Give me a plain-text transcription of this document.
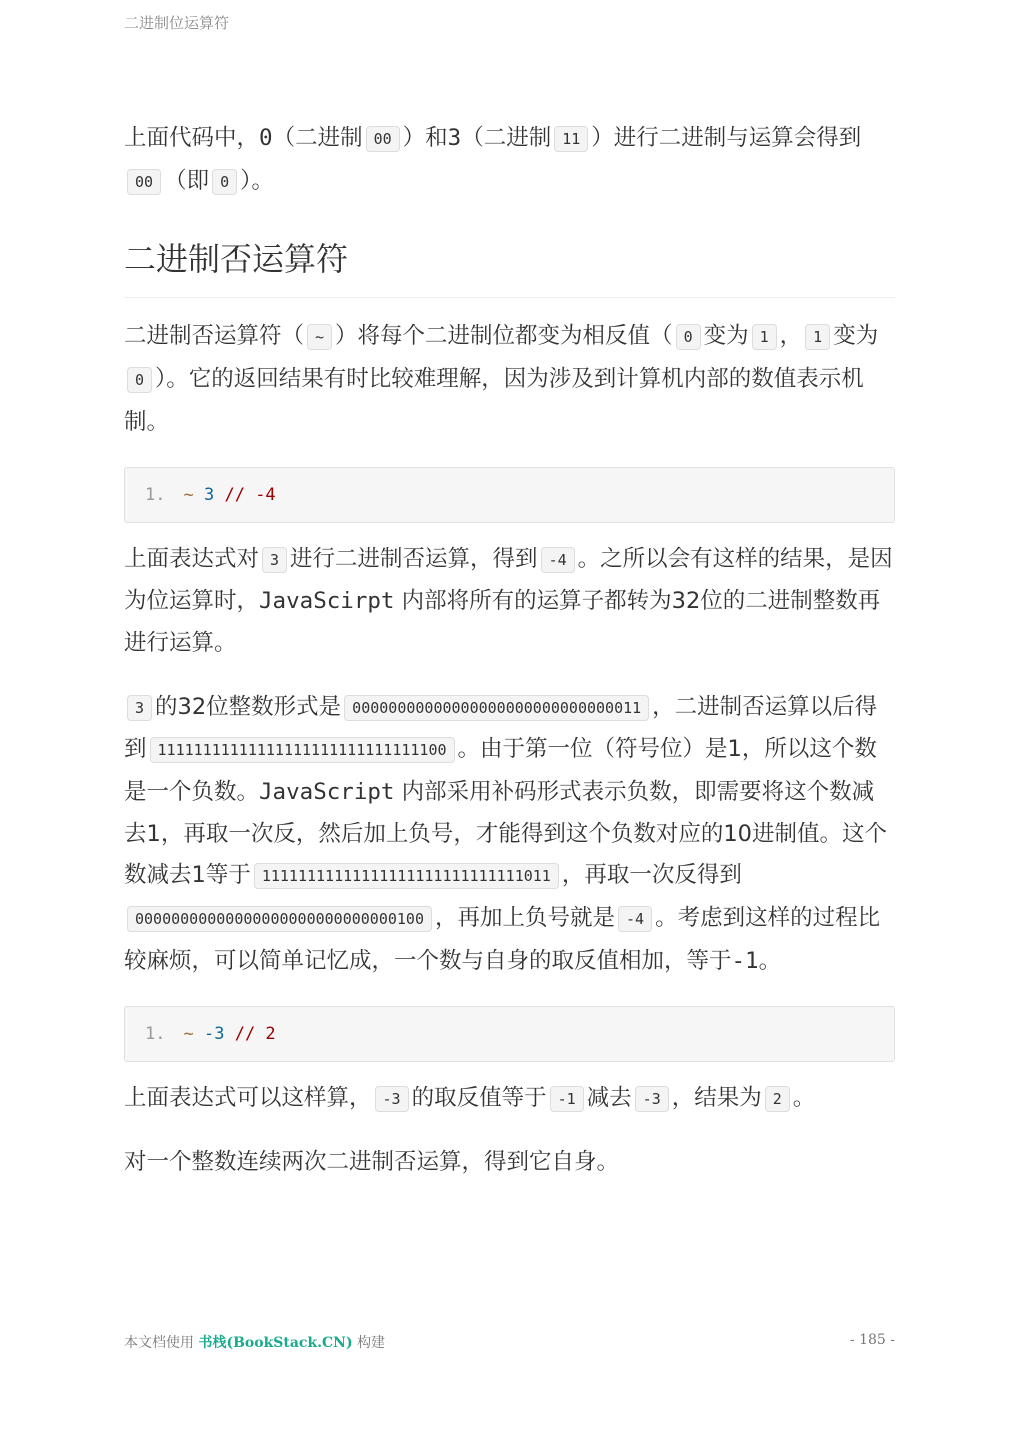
二进制位运算符

上面代码中，0（二进制 00 ）和3（二进制 11 ）进行二进制与运算会得到00 （即 0 ）。

二进制否运算符

二进制否运算符（ ~ ）将每个二进制位都变为相反值（ 0 变为 1 ， 1 变为0 ）。它的返回结果有时比较难理解，因为涉及到计算机内部的数值表示机制。

1. ~
3
// -4

上面表达式对 3 进行二进制否运算，得到 -4 。之所以会有这样的结果，是因为位运算时，JavaScirpt 内部将所有的运算子都转为32位的二进制整数再进行运算。

3 的32位整数形式是 00000000000000000000000000000011 ，二进制否运算以后得到 11111111111111111111111111111100 。由于第一位（符号位）是1，所以这个数是一个负数。JavaScript 内部采用补码形式表示负数，即需要将这个数减去1，再取一次反，然后加上负号，才能得到这个负数对应的10进制值。这个数减去1等于 11111111111111111111111111111011 ，再取一次反得到00000000000000000000000000000100 ，再加上负号就是 -4 。考虑到这样的过程比较麻烦，可以简单记忆成，一个数与自身的取反值相加，等于-1。

1. ~
-3
// 2

上面表达式可以这样算， -3 的取反值等于 -1 减去 -3 ，结果为 2 。

对一个整数连续两次二进制否运算，得到它自身。

本文档使用 书栈(BookStack.CN) 构建	- 185 -
